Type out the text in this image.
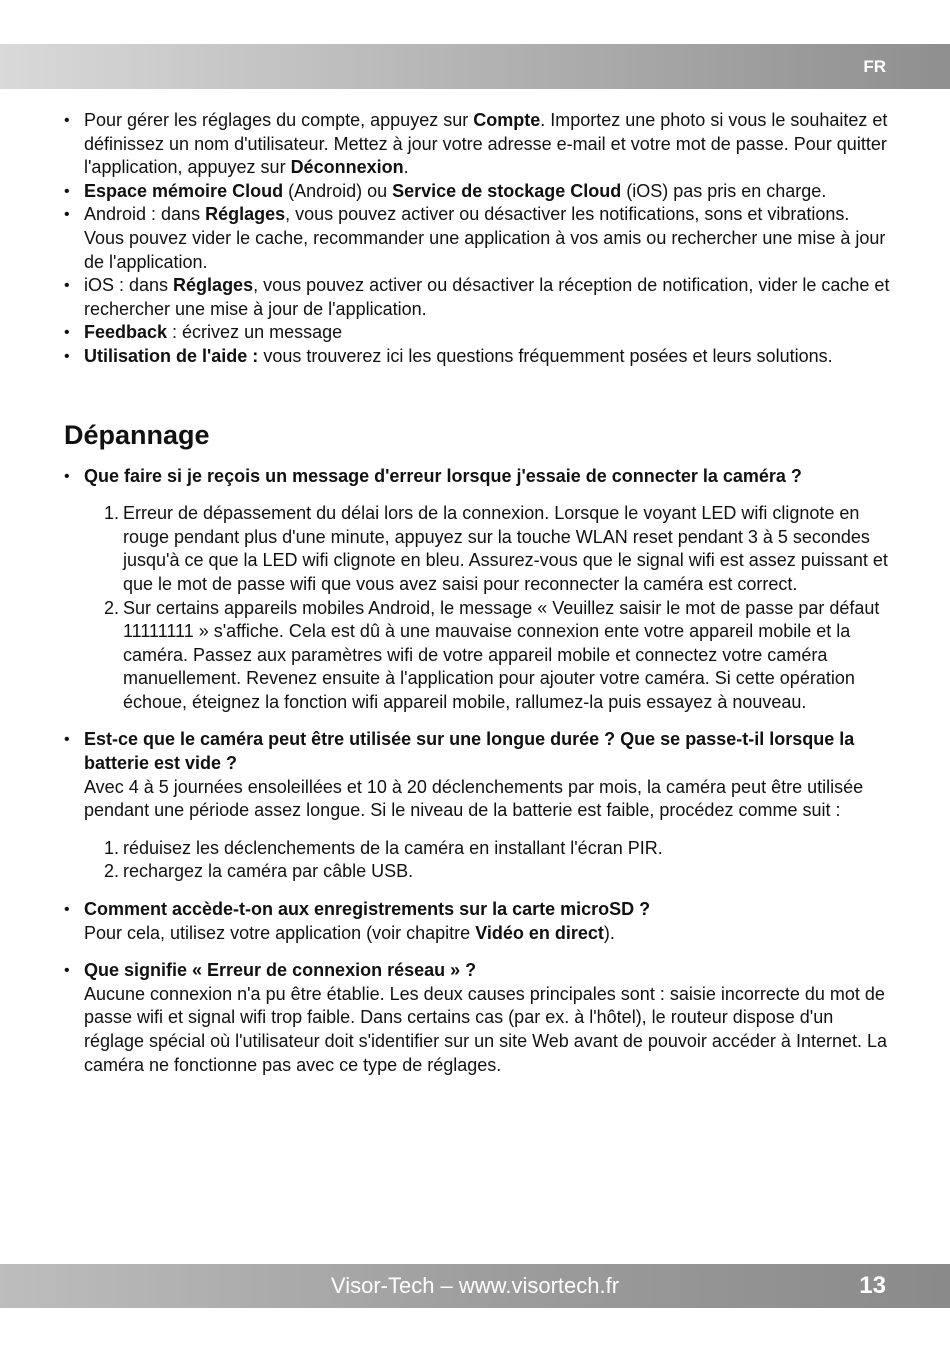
FR
• Pour gérer les réglages du compte, appuyez sur Compte. Importez une photo si vous le souhaitez et définissez un nom d'utilisateur. Mettez à jour votre adresse e-mail et votre mot de passe. Pour quitter l'application, appuyez sur Déconnexion.
• Espace mémoire Cloud (Android) ou Service de stockage Cloud (iOS) pas pris en charge.
• Android : dans Réglages, vous pouvez activer ou désactiver les notifications, sons et vibrations. Vous pouvez vider le cache, recommander une application à vos amis ou rechercher une mise à jour de l'application.
• iOS : dans Réglages, vous pouvez activer ou désactiver la réception de notification, vider le cache et rechercher une mise à jour de l'application.
• Feedback : écrivez un message
• Utilisation de l'aide : vous trouverez ici les questions fréquemment posées et leurs solutions.
Dépannage
• Que faire si je reçois un message d'erreur lorsque j'essaie de connecter la caméra ?
1. Erreur de dépassement du délai lors de la connexion. Lorsque le voyant LED wifi clignote en rouge pendant plus d'une minute, appuyez sur la touche WLAN reset pendant 3 à 5 secondes jusqu'à ce que la LED wifi clignote en bleu. Assurez-vous que le signal wifi est assez puissant et que le mot de passe wifi que vous avez saisi pour reconnecter la caméra est correct.
2. Sur certains appareils mobiles Android, le message « Veuillez saisir le mot de passe par défaut 11111111 » s'affiche. Cela est dû à une mauvaise connexion ente votre appareil mobile et la caméra. Passez aux paramètres wifi de votre appareil mobile et connectez votre caméra manuellement. Revenez ensuite à l'application pour ajouter votre caméra. Si cette opération échoue, éteignez la fonction wifi appareil mobile, rallumez-la puis essayez à nouveau.
• Est-ce que le caméra peut être utilisée sur une longue durée ? Que se passe-t-il lorsque la batterie est vide ?
Avec 4 à 5 journées ensoleillées et 10 à 20 déclenchements par mois, la caméra peut être utilisée pendant une période assez longue. Si le niveau de la batterie est faible, procédez comme suit :
1. réduisez les déclenchements de la caméra en installant l'écran PIR.
2. rechargez la caméra par câble USB.
• Comment accède-t-on aux enregistrements sur la carte microSD ?
Pour cela, utilisez votre application (voir chapitre Vidéo en direct).
• Que signifie « Erreur de connexion réseau » ?
Aucune connexion n'a pu être établie. Les deux causes principales sont : saisie incorrecte du mot de passe wifi et signal wifi trop faible. Dans certains cas (par ex. à l'hôtel), le routeur dispose d'un réglage spécial où l'utilisateur doit s'identifier sur un site Web avant de pouvoir accéder à Internet. La caméra ne fonctionne pas avec ce type de réglages.
Visor-Tech – www.visortech.fr	13
